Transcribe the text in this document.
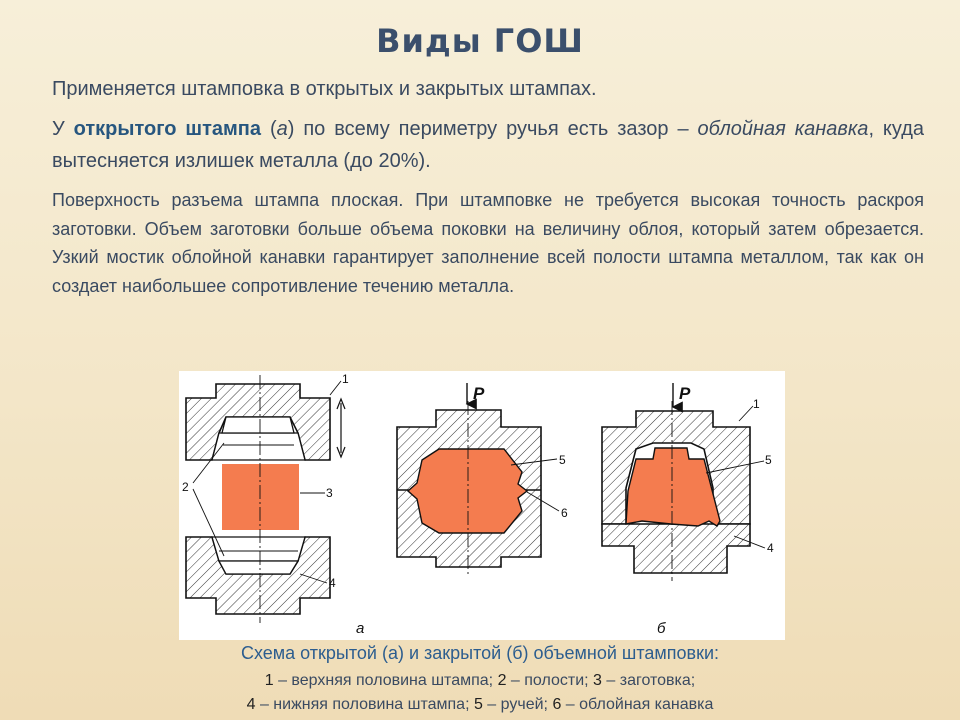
Виды ГОШ
Применяется штамповка в открытых и закрытых штампах.
У открытого штампа (а) по всему периметру ручья есть зазор – облойная канавка, куда вытесняется излишек металла (до 20%).
Поверхность разъема штампа плоская. При штамповке не требуется высокая точность раскроя заготовки. Объем заготовки больше объема поковки на величину облоя, который затем обрезается. Узкий мостик облойной канавки гарантирует заполнение всей полости штампа металлом, так как он создает наибольшее сопротивление течению металла.
1
2	3
4
а
P
5
6
P
1
5
4
б
Схема открытой (а) и закрытой (б) объемной штамповки:
1 – верхняя половина штампа; 2 – полости; 3 – заготовка;
4 – нижняя половина штампа; 5 – ручей; 6 – облойная канавка
